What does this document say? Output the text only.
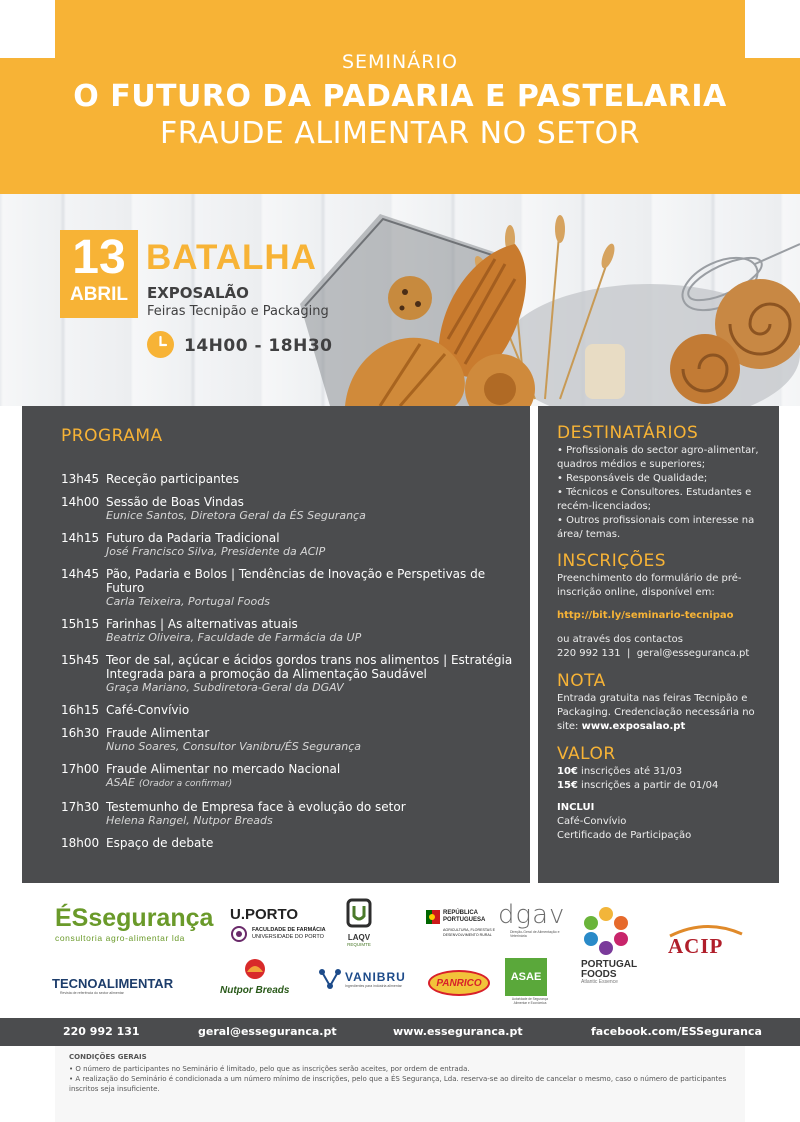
SEMINÁRIO
O FUTURO DA PADARIA E PASTELARIA
FRAUDE ALIMENTAR NO SETOR
13
ABRIL
BATALHA
EXPOSALÃO
Feiras Tecnipão e Packaging
14H00 - 18H30
PROGRAMA
13h45 Receção participantes
14h00 Sessão de Boas Vindas
Eunice Santos, Diretora Geral da ÉS Segurança
14h15 Futuro da Padaria Tradicional
José Francisco Silva, Presidente da ACIP
14h45 Pão, Padaria e Bolos | Tendências de Inovação e Perspetivas de Futuro
Carla Teixeira, Portugal Foods
15h15 Farinhas | As alternativas atuais
Beatriz Oliveira, Faculdade de Farmácia da UP
15h45 Teor de sal, açúcar e ácidos gordos trans nos alimentos | Estratégia Integrada para a promoção da Alimentação Saudável
Graça Mariano, Subdiretora-Geral da DGAV
16h15 Café-Convívio
16h30 Fraude Alimentar
Nuno Soares, Consultor Vanibru/ÉS Segurança
17h00 Fraude Alimentar no mercado Nacional
ASAE (Orador a confirmar)
17h30 Testemunho de Empresa face à evolução do setor
Helena Rangel, Nutpor Breads
18h00 Espaço de debate
DESTINATÁRIOS
• Profissionais do sector agro-alimentar, quadros médios e superiores;
• Responsáveis de Qualidade;
• Técnicos e Consultores. Estudantes e recém-licenciados;
• Outros profissionais com interesse na área/ temas.
INSCRIÇÕES
Preenchimento do formulário de pré-inscrição online, disponível em:
http://bit.ly/seminario-tecnipao
ou através dos contactos
220 992 131  |  geral@esseguranca.pt
NOTA
Entrada gratuita nas feiras Tecnipão e Packaging. Credenciação necessária no site: www.exposalao.pt
VALOR
10€ inscrições até 31/03
15€ inscrições a partir de 01/04
INCLUI
Café-Convívio
Certificado de Participação
ÉSsegurança
consultoria agro-alimentar lda
U.PORTO
FACULDADE DE FARMÁCIA
UNIVERSIDADE DO PORTO	LAQV
REQUIMTE
REPÚBLICA
PORTUGUESA
AGRICULTURA, FLORESTAS E DESENVOLVIMENTO RURAL
dgav
Direção-Geral de Alimentação e Veterinária
PORTUGAL
FOODS
Atlantic Essence
ACIP
TECNOALIMENTAR
Revista de referência do sector alimentar	Nutpor Breads
VANIBRU
Ingredientes para indústria alimentar	PANRICO	ASAE
Autoridade de Segurança Alimentar e Económica
220 992 131	geral@esseguranca.pt	www.esseguranca.pt	facebook.com/ESSeguranca
CONDIÇÕES GERAIS
• O número de participantes no Seminário é limitado, pelo que as inscrições serão aceites, por ordem de entrada.
• A realização do Seminário é condicionada a um número mínimo de inscrições, pelo que a ÉS Segurança, Lda. reserva-se ao direito de cancelar o mesmo, caso o número de participantes inscritos seja insuficiente.
